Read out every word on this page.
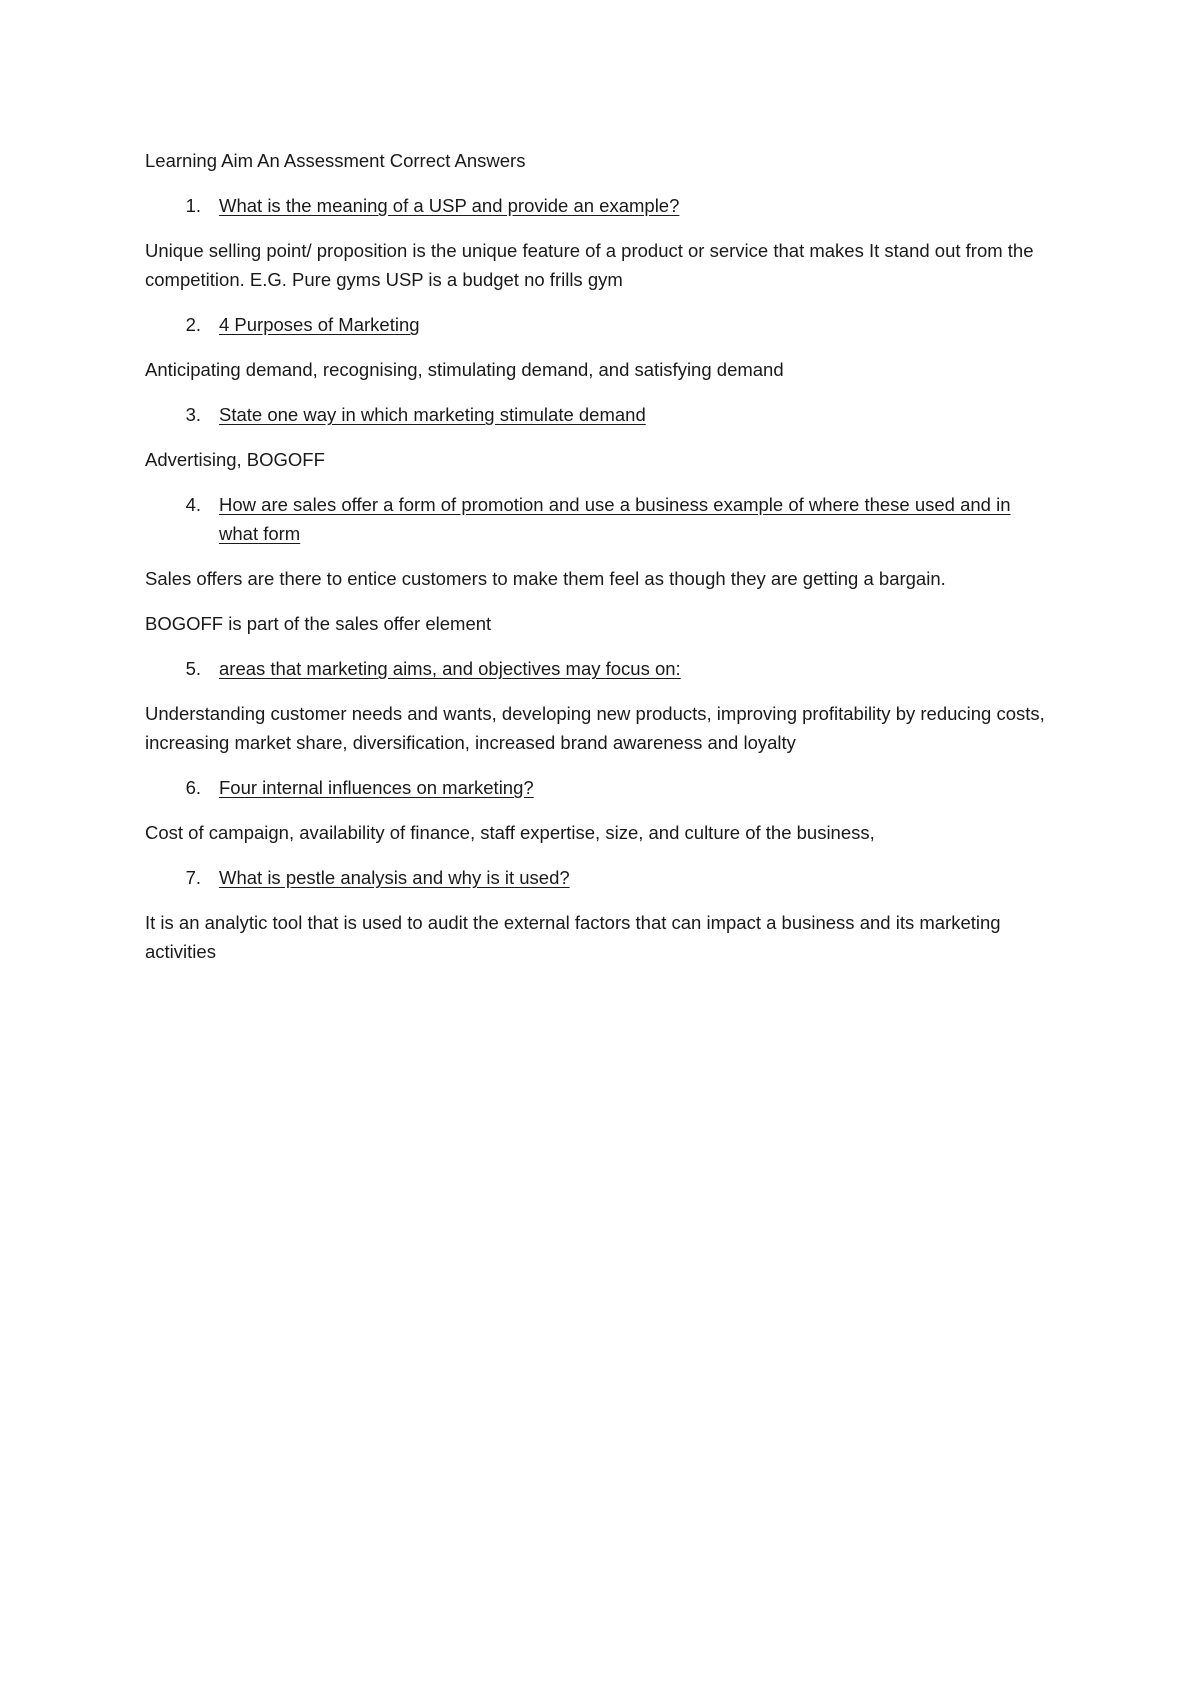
Learning Aim An Assessment Correct Answers

1. What is the meaning of a USP and provide an example?

Unique selling point/ proposition is the unique feature of a product or service that makes It stand out from the competition. E.G. Pure gyms USP is a budget no frills gym

2. 4 Purposes of Marketing

Anticipating demand, recognising, stimulating demand, and satisfying demand

3. State one way in which marketing stimulate demand

Advertising, BOGOFF

4. How are sales offer a form of promotion and use a business example of where these used and in what form

Sales offers are there to entice customers to make them feel as though they are getting a bargain.

BOGOFF is part of the sales offer element

5. areas that marketing aims, and objectives may focus on:

Understanding customer needs and wants, developing new products, improving profitability by reducing costs, increasing market share, diversification, increased brand awareness and loyalty

6. Four internal influences on marketing?

Cost of campaign, availability of finance, staff expertise, size, and culture of the business,

7. What is pestle analysis and why is it used?

It is an analytic tool that is used to audit the external factors that can impact a business and its marketing activities
